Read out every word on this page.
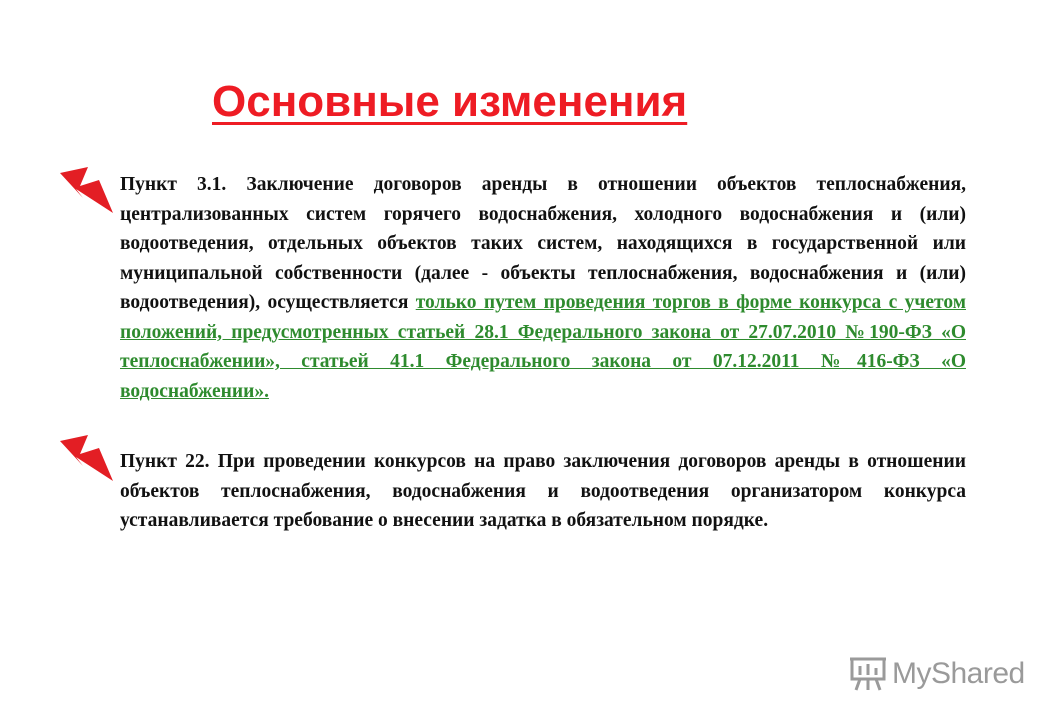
Основные изменения

Пункт 3.1. Заключение договоров аренды в отношении объектов теплоснабжения, централизованных систем горячего водоснабжения, холодного водоснабжения и (или) водоотведения, отдельных объектов таких систем, находящихся в государственной или муниципальной собственности (далее - объекты теплоснабжения, водоснабжения и (или) водоотведения), осуществляется только путем проведения торгов в форме конкурса с учетом положений, предусмотренных статьей 28.1 Федерального закона от 27.07.2010 №190-ФЗ «О теплоснабжении», статьей 41.1 Федерального закона от 07.12.2011 №416-ФЗ «О водоснабжении».

Пункт 22. При проведении конкурсов на право заключения договоров аренды в отношении объектов теплоснабжения, водоснабжения и водоотведения организатором конкурса устанавливается требование о внесении задатка в обязательном порядке.

MyShared
